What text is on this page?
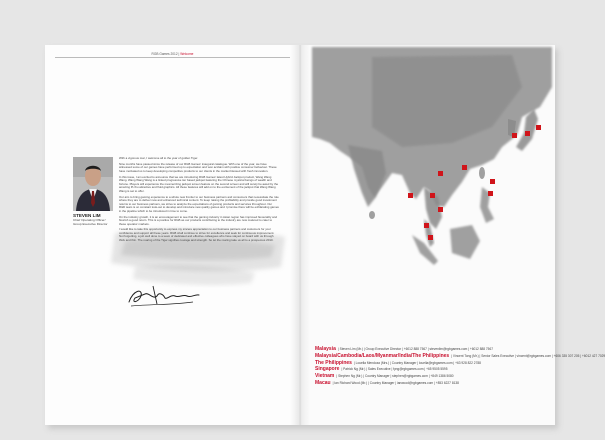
RGB Games 2012 | Welcome
STEVEN LIM
Chief Operating Officer/
Group Executive Director

With a vigorous roar, I welcome all to the year of golden Tiger.

Nine months have passed since the release of our RGB Games' inaugural catalogue. With one of the year, we have witnessed some of our games have performed up to expectation and won acclaim with positive consumer behaviour. These have motivated us to keep developing competitive products to our clients in the market blessed with fresh innovation.

In this issue, I am excited to announce that we are introducing RGB Games' latest Hybrid Jackpot product, Wang Wang Wang. Wang Wang Wang is a linked progressive tier based jackpot featuring the Chinese mystical beings of wealth and fortune. Players will experience the mesmerizing jackpot screen feature on the second screen and will surely be awed by the amazing Pi-Xiu attractive and fluid graphics. All these features will add on to the excitement of the jackpot that Wang Wang Wang is set to offer.

Our aim to bring gaming experience to a whole new frontier to our business partners and consumers that necessitate the role where they are to deliver new and enhanced technical content. To keep raising the profitability and provide good investment returns to our business partners, we strive to analyze the expectations of gaming products and services throughout. Our R&D team is on constant look-out to develop and introduce new quality games and I promise there will be exhilarating games in the pipeline which to be introduced in time to come.

On the industry growth, it is an encouragement to see that the gaming industry in Asian region has improved favourably and flourish a good return. This is a positive for RGB as our products contributing to the industry are now matured to cater to these operator markets.

I would like to take this opportunity to express my sincere appreciation to our business partners and customers for your confidence and support all these years. RGB shall continue to strive for excellence and seek for continuous improvement. Not forgetting, a job well done to a team of dedicated and effective colleagues who have stayed on board with us through thick and thin. The roaring of the Tiger signifies courage and strength. So let the roaring take us all to a prosperous 2010.

Malaysia | Steven Lim (Mr.) | Group Executive Director | +6012 888 7567 | stevenlim@rgbgames.com | +6012 888 7567
Malaysia/Cambodia/Laos/Myanmar/India/The Philippines | Vincent Tong (Mr.) | Senior Sales Executive | vincent@rgbgames.com | +606 335 307 205 | +6012 427 7029
The Philippines | Louella Mendoza (Mrs.) | Country Manager | louella@rgbgames.com | +63 928 822 2788
Singapore | Patrick Ng (Mr.) | Sales Executive | fyng@rgbgames.com | +65 9505 5595
Vietnam | Stephen Ng (Mr.) | Country Manager | stephen@rgbgames.com | +849 1386 5080
Macau | Ian Richard Wood (Mr.) | Country Manager | ianwood@rgbgames.com | +853 6227 8138
